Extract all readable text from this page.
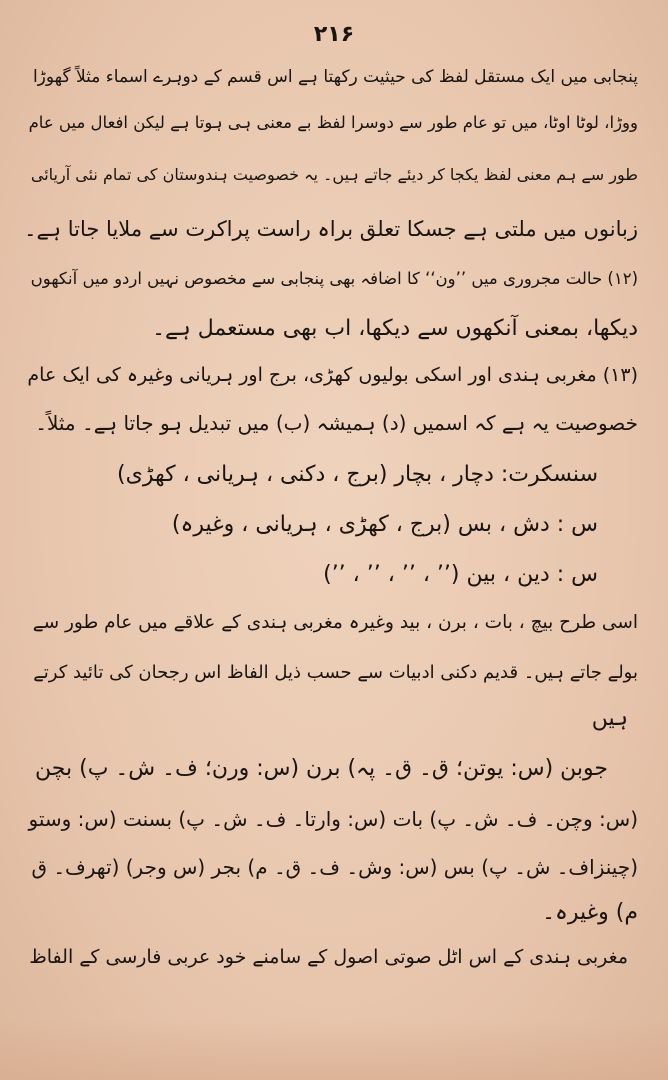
۲۱۶
پنجابی میں ایک مستقل لفظ کی حیثیت رکھتا ہے اس قسم کے دوہرے اسماء مثلاً گھوڑا
ووڑا، لوٹا اوٹا، میں تو عام طور سے دوسرا لفظ بے معنی ہی ہوتا ہے لیکن افعال میں عام
طور سے ہم معنی لفظ یکجا کر دیئے جاتے ہیں۔ یہ خصوصیت ہندوستان کی تمام نئی آریائی
زبانوں میں ملتی ہے جسکا تعلق براہ راست پراکرت سے ملایا جاتا ہے۔
(۱۲) حالت مجروری میں ’’ون‘‘ کا اضافہ بھی پنجابی سے مخصوص نہیں اردو میں آنکھوں
دیکھا، بمعنی آنکھوں سے دیکھا، اب بھی مستعمل ہے۔
(۱۳) مغربی ہندی اور اسکی بولیوں کھڑی، برج اور ہریانی وغیرہ کی ایک عام
خصوصیت یہ ہے کہ اسمیں (د) ہمیشہ (ب) میں تبدیل ہو جاتا ہے۔ مثلاً۔
سنسکرت: دچار ، بچار (برج ، دکنی ، ہریانی ، کھڑی)
س : دش ، بس (برج ، کھڑی ، ہریانی ، وغیرہ)
س : دین ، بین (’’ ، ’’ ، ’’ ، ’’)
اسی طرح بیچ ، بات ، برن ، بید وغیرہ مغربی ہندی کے علاقے میں عام طور سے
بولے جاتے ہیں۔ قدیم دکنی ادبیات سے حسب ذیل الفاظ اس رجحان کی تائید کرتے
ہیں
جوبن (س: یوتن؛ ق۔ ق۔ پہ) برن (س: ورن؛ ف۔ ش۔ پ) بچن
(س: وچن۔ ف۔ ش۔ پ) بات (س: وارتا۔ ف۔ ش۔ پ) بسنت (س: وستو
(چینزاف۔ ش۔ پ) بس (س: وش۔ ف۔ ق۔ م) بجر (س وجر) (تھرف۔ ق
م) وغیرہ۔
مغربی ہندی کے اس اٹل صوتی اصول کے سامنے خود عربی فارسی کے الفاظ
